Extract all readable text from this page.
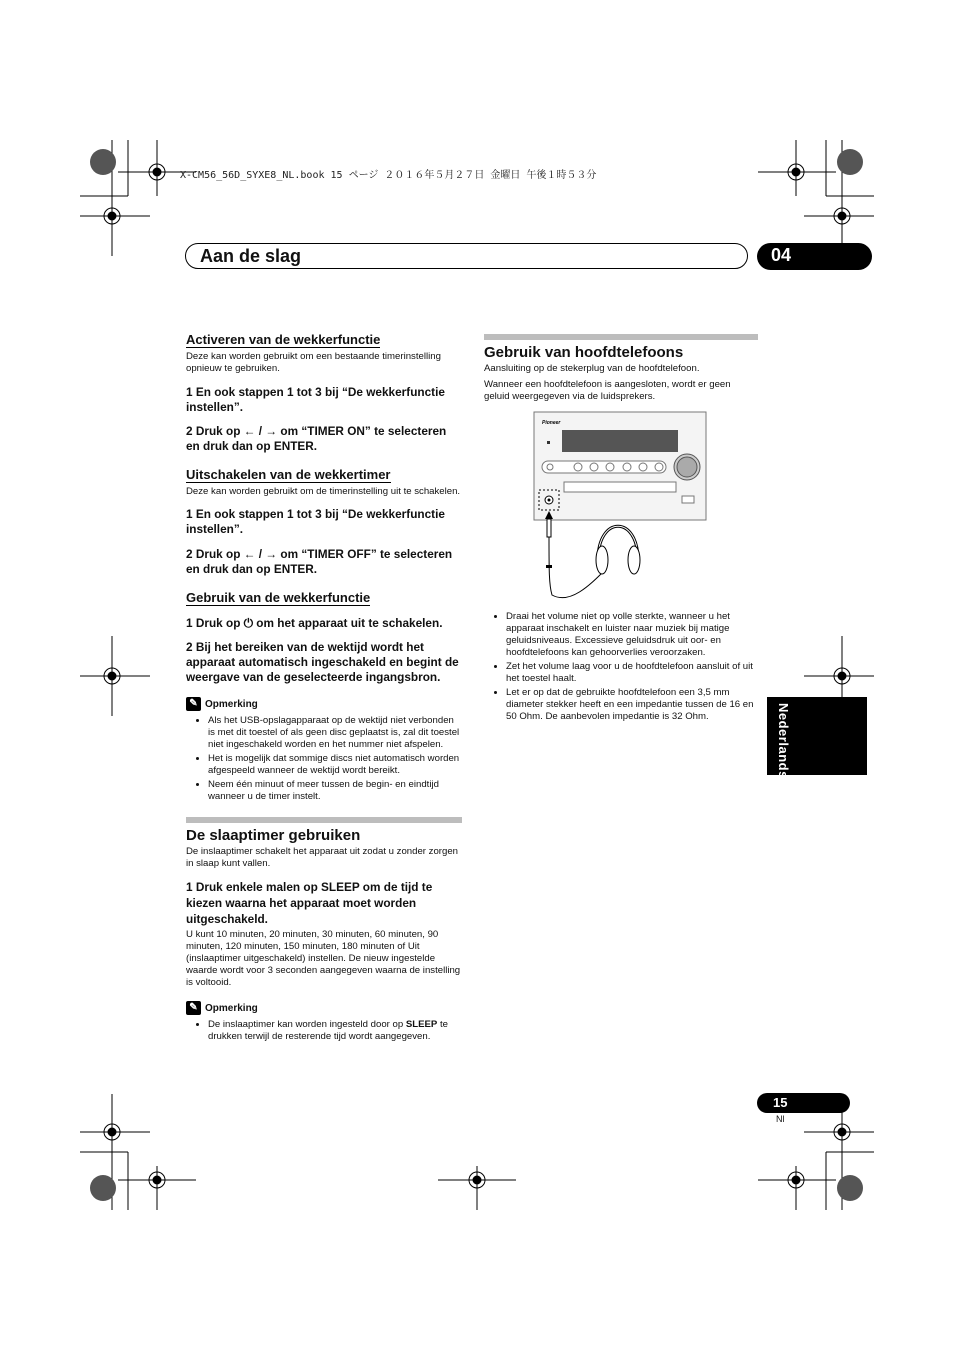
X-CM56_56D_SYXE8_NL.book 15 ページ ２０１６年５月２７日 金曜日 午後１時５３分
Aan de slag	04
Nederlands
Activeren van de wekkerfunctie

Deze kan worden gebruikt om een bestaande timerinstelling opnieuw te gebruiken.

1 En ook stappen 1 tot 3 bij “De wekkerfunctie instellen”.

2 Druk op ← / → om “TIMER ON” te selecteren en druk dan op ENTER.

Uitschakelen van de wekkertimer

Deze kan worden gebruikt om de timerinstelling uit te schakelen.

1 En ook stappen 1 tot 3 bij “De wekkerfunctie instellen”.

2 Druk op ← / → om “TIMER OFF” te selecteren en druk dan op ENTER.

Gebruik van de wekkerfunctie

1 Druk op ⏻ om het apparaat uit te schakelen.

2 Bij het bereiken van de wektijd wordt het apparaat automatisch ingeschakeld en begint de weergave van de geselecteerde ingangsbron.

✎ Opmerking
• Als het USB-opslagapparaat op de wektijd niet verbonden is met dit toestel of als geen disc geplaatst is, zal dit toestel niet ingeschakeld worden en het nummer niet afspelen.
• Het is mogelijk dat sommige discs niet automatisch worden afgespeeld wanneer de wektijd wordt bereikt.
• Neem één minuut of meer tussen de begin- en eindtijd wanneer u de timer instelt.
De slaaptimer gebruiken

De inslaaptimer schakelt het apparaat uit zodat u zonder zorgen in slaap kunt vallen.

1 Druk enkele malen op SLEEP om de tijd te kiezen waarna het apparaat moet worden uitgeschakeld.

U kunt 10 minuten, 20 minuten, 30 minuten, 60 minuten, 90 minuten, 120 minuten, 150 minuten, 180 minuten of Uit (inslaaptimer uitgeschakeld) instellen. De nieuw ingestelde waarde wordt voor 3 seconden aangegeven waarna de instelling is voltooid.

✎ Opmerking
• De inslaaptimer kan worden ingesteld door op SLEEP te drukken terwijl de resterende tijd wordt aangegeven.
Gebruik van hoofdtelefoons

Aansluiting op de stekerplug van de hoofdtelefoon.

Wanneer een hoofdtelefoon is aangesloten, wordt er geen geluid weergegeven via de luidsprekers.

Pioneer
• Draai het volume niet op volle sterkte, wanneer u het apparaat inschakelt en luister naar muziek bij matige geluidsniveaus. Excessieve geluidsdruk uit oor- en hoofdtelefoons kan gehoorverlies veroorzaken.
• Zet het volume laag voor u de hoofdtelefoon aansluit of uit het toestel haalt.
• Let er op dat de gebruikte hoofdtelefoon een 3,5 mm diameter stekker heeft en een impedantie tussen de 16 en 50 Ohm. De aanbevolen impedantie is 32 Ohm.
15
Nl
